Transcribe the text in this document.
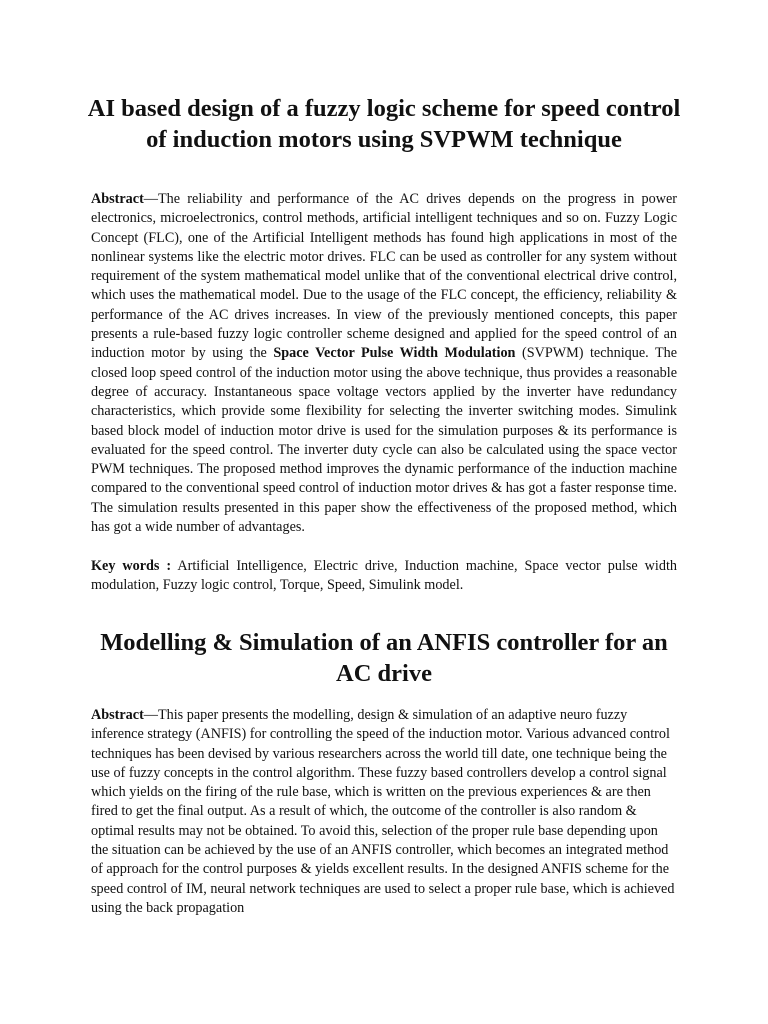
AI based design of a fuzzy logic scheme for speed control of induction motors using SVPWM technique

Abstract—The reliability and performance of the AC drives depends on the progress in power electronics, microelectronics, control methods, artificial intelligent techniques and so on. Fuzzy Logic Concept (FLC), one of the Artificial Intelligent methods has found high applications in most of the nonlinear systems like the electric motor drives. FLC can be used as controller for any system without requirement of the system mathematical model unlike that of the conventional electrical drive control, which uses the mathematical model. Due to the usage of the FLC concept, the efficiency, reliability & performance of the AC drives increases. In view of the previously mentioned concepts, this paper presents a rule-based fuzzy logic controller scheme designed and applied for the speed control of an induction motor by using the Space Vector Pulse Width Modulation (SVPWM) technique. The closed loop speed control of the induction motor using the above technique, thus provides a reasonable degree of accuracy. Instantaneous space voltage vectors applied by the inverter have redundancy characteristics, which provide some flexibility for selecting the inverter switching modes. Simulink based block model of induction motor drive is used for the simulation purposes & its performance is evaluated for the speed control. The inverter duty cycle can also be calculated using the space vector PWM techniques. The proposed method improves the dynamic performance of the induction machine compared to the conventional speed control of induction motor drives & has got a faster response time. The simulation results presented in this paper show the effectiveness of the proposed method, which has got a wide number of advantages.

Key words : Artificial Intelligence, Electric drive, Induction machine, Space vector pulse width modulation, Fuzzy logic control, Torque, Speed, Simulink model.

Modelling & Simulation of an ANFIS controller for an AC drive

Abstract—This paper presents the modelling, design & simulation of an adaptive neuro fuzzy inference strategy (ANFIS) for controlling the speed of the induction motor. Various advanced control techniques has been devised by various researchers across the world till date, one technique being the use of fuzzy concepts in the control algorithm. These fuzzy based controllers develop a control signal which yields on the firing of the rule base, which is written on the previous experiences & are then fired to get the final output. As a result of which, the outcome of the controller is also random & optimal results may not be obtained. To avoid this, selection of the proper rule base depending upon the situation can be achieved by the use of an ANFIS controller, which becomes an integrated method of approach for the control purposes & yields excellent results. In the designed ANFIS scheme for the speed control of IM, neural network techniques are used to select a proper rule base, which is achieved using the back propagation
